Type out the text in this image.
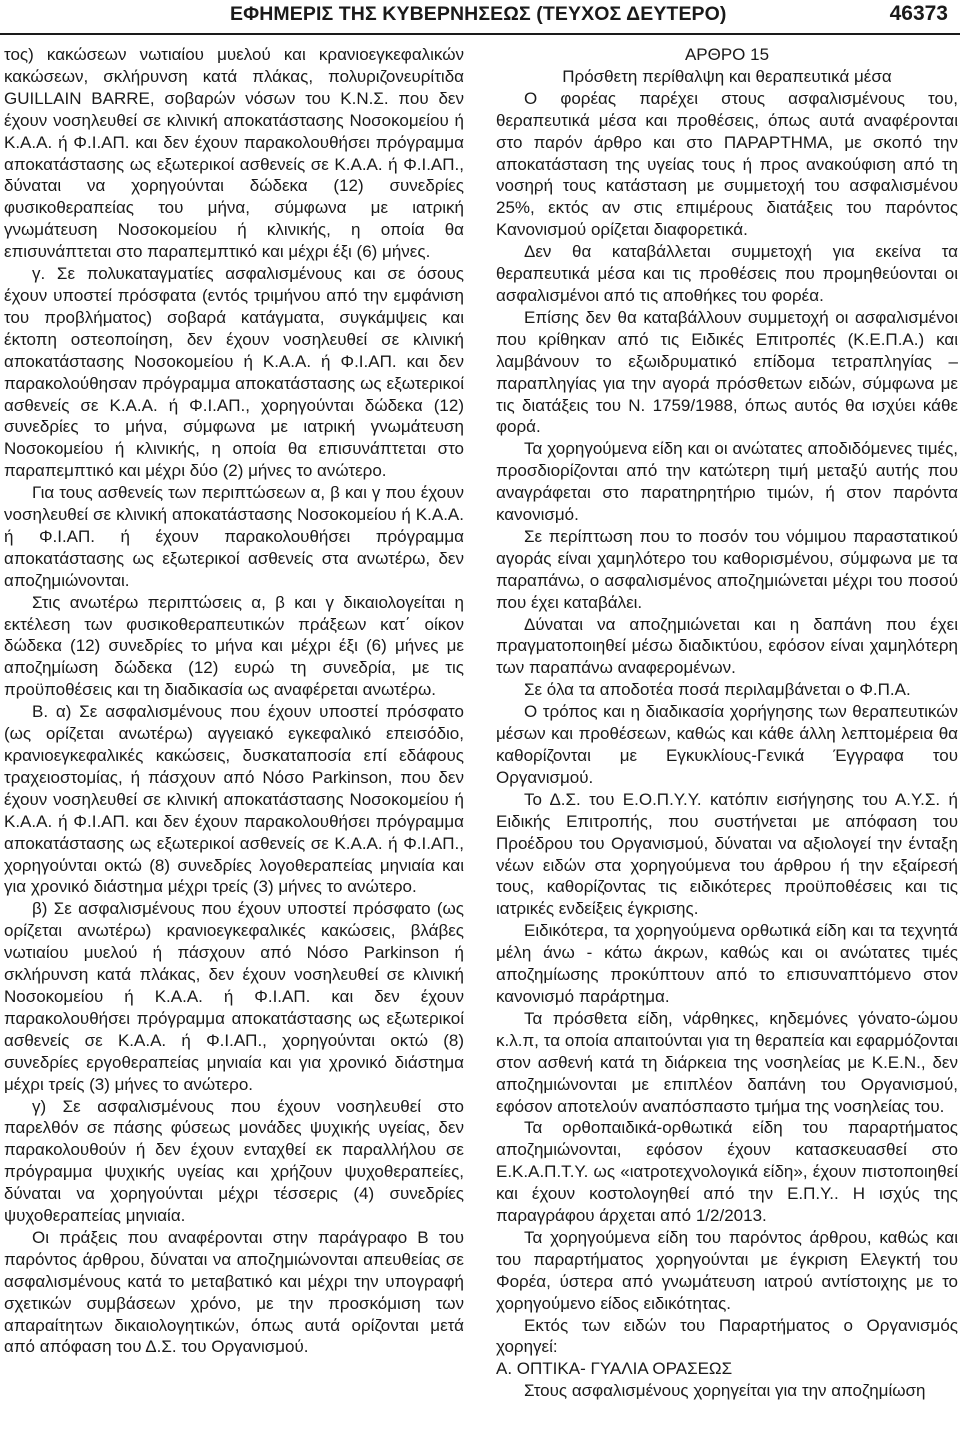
ΕΦΗΜΕΡΙΣ ΤΗΣ ΚΥΒΕΡΝΗΣΕΩΣ (ΤΕΥΧΟΣ ΔΕΥΤΕΡΟ)	46373

τος) κακώσεων νωτιαίου μυελού και κρανιοεγκεφαλικών κακώσεων, σκλήρυνση κατά πλάκας, πολυριζονευρίτιδα GUILLAIN BARRE, σοβαρών νόσων του Κ.Ν.Σ. που δεν έχουν νοσηλευθεί σε κλινική αποκατάστασης Νοσοκομείου ή Κ.Α.Α. ή Φ.Ι.ΑΠ. και δεν έχουν παρακολουθήσει πρόγραμμα αποκατάστασης ως εξωτερικοί ασθενείς σε Κ.Α.Α. ή Φ.Ι.ΑΠ., δύναται να χορηγούνται δώδεκα (12) συνεδρίες φυσικοθεραπείας του μήνα, σύμφωνα με ιατρική γνωμάτευση Νοσοκομείου ή κλινικής, η οποία θα επισυνάπτεται στο παραπεμπτικό και μέχρι έξι (6) μήνες.

γ. Σε πολυκαταγματίες ασφαλισμένους και σε όσους έχουν υποστεί πρόσφατα (εντός τριμήνου από την εμφάνιση του προβλήματος) σοβαρά κατάγματα, συγκάμψεις και έκτοπη οστεοποίηση, δεν έχουν νοσηλευθεί σε κλινική αποκατάστασης Νοσοκομείου ή Κ.Α.Α. ή Φ.Ι.ΑΠ. και δεν παρακολούθησαν πρόγραμμα αποκατάστασης ως εξωτερικοί ασθενείς σε Κ.Α.Α. ή Φ.Ι.ΑΠ., χορηγούνται δώδεκα (12) συνεδρίες το μήνα, σύμφωνα με ιατρική γνωμάτευση Νοσοκομείου ή κλινικής, η οποία θα επισυνάπτεται στο παραπεμπτικό και μέχρι δύο (2) μήνες το ανώτερο.

Για τους ασθενείς των περιπτώσεων α, β και γ που έχουν νοσηλευθεί σε κλινική αποκατάστασης Νοσοκομείου ή Κ.Α.Α. ή Φ.Ι.ΑΠ. ή έχουν παρακολουθήσει πρόγραμμα αποκατάστασης ως εξωτερικοί ασθενείς στα ανωτέρω, δεν αποζημιώνονται.

Στις ανωτέρω περιπτώσεις α, β και γ δικαιολογείται η εκτέλεση των φυσικοθεραπευτικών πράξεων κατ΄ οίκον δώδεκα (12) συνεδρίες το μήνα και μέχρι έξι (6) μήνες με αποζημίωση δώδεκα (12) ευρώ τη συνεδρία, με τις προϋποθέσεις και τη διαδικασία ως αναφέρεται ανωτέρω.

Β. α) Σε ασφαλισμένους που έχουν υποστεί πρόσφατο (ως ορίζεται ανωτέρω) αγγειακό εγκεφαλικό επεισόδιο, κρανιοεγκεφαλικές κακώσεις, δυσκαταποσία επί εδάφους τραχειοστομίας, ή πάσχουν από Νόσο Parkinson, που δεν έχουν νοσηλευθεί σε κλινική αποκατάστασης Νοσοκομείου ή Κ.Α.Α. ή Φ.Ι.ΑΠ. και δεν έχουν παρακολουθήσει πρόγραμμα αποκατάστασης ως εξωτερικοί ασθενείς σε Κ.Α.Α. ή Φ.Ι.ΑΠ., χορηγούνται οκτώ (8) συνεδρίες λογοθεραπείας μηνιαία και για χρονικό διάστημα μέχρι τρείς (3) μήνες το ανώτερο.

β) Σε ασφαλισμένους που έχουν υποστεί πρόσφατο (ως ορίζεται ανωτέρω) κρανιοεγκεφαλικές κακώσεις, βλάβες νωτιαίου μυελού ή πάσχουν από Νόσο Parkinson ή σκλήρυνση κατά πλάκας, δεν έχουν νοσηλευθεί σε κλινική Νοσοκομείου ή Κ.Α.Α. ή Φ.Ι.ΑΠ. και δεν έχουν παρακολουθήσει πρόγραμμα αποκατάστασης ως εξωτερικοί ασθενείς σε Κ.Α.Α. ή Φ.Ι.ΑΠ., χορηγούνται οκτώ (8) συνεδρίες εργοθεραπείας μηνιαία και για χρονικό διάστημα μέχρι τρείς (3) μήνες το ανώτερο.

γ) Σε ασφαλισμένους που έχουν νοσηλευθεί στο παρελθόν σε πάσης φύσεως μονάδες ψυχικής υγείας, δεν παρακολουθούν ή δεν έχουν ενταχθεί εκ παραλλήλου σε πρόγραμμα ψυχικής υγείας και χρήζουν ψυχοθεραπείες, δύναται να χορηγούνται μέχρι τέσσερις (4) συνεδρίες ψυχοθεραπείας μηνιαία.

Οι πράξεις που αναφέρονται στην παράγραφο Β του παρόντος άρθρου, δύναται να αποζημιώνονται απευθείας σε ασφαλισμένους κατά το μεταβατικό και μέχρι την υπογραφή σχετικών συμβάσεων χρόνο, με την προσκόμιση των απαραίτητων δικαιολογητικών, όπως αυτά ορίζονται μετά από απόφαση του Δ.Σ. του Οργανισμού.

ΑΡΘΡΟ 15

Πρόσθετη περίθαλψη και θεραπευτικά μέσα

Ο φορέας παρέχει στους ασφαλισμένους του, θεραπευτικά μέσα και προθέσεις, όπως αυτά αναφέρονται στο παρόν άρθρο και στο ΠΑΡΑΡΤΗΜΑ, με σκοπό την αποκατάσταση της υγείας τους ή προς ανακούφιση από τη νοσηρή τους κατάσταση με συμμετοχή του ασφαλισμένου 25%, εκτός αν στις επιμέρους διατάξεις του παρόντος Κανονισμού ορίζεται διαφορετικά.

Δεν θα καταβάλλεται συμμετοχή για εκείνα τα θεραπευτικά μέσα και τις προθέσεις που προμηθεύονται οι ασφαλισμένοι από τις αποθήκες του φορέα.

Επίσης δεν θα καταβάλλουν συμμετοχή οι ασφαλισμένοι που κρίθηκαν από τις Ειδικές Επιτροπές (Κ.Ε.Π.Α.) και λαμβάνουν το εξωιδρυματικό επίδομα τετραπληγίας – παραπληγίας για την αγορά πρόσθετων ειδών, σύμφωνα με τις διατάξεις του Ν. 1759/1988, όπως αυτός θα ισχύει κάθε φορά.

Τα χορηγούμενα είδη και οι ανώτατες αποδιδόμενες τιμές, προσδιορίζονται από την κατώτερη τιμή μεταξύ αυτής που αναγράφεται στο παρατηρητήριο τιμών, ή στον παρόντα κανονισμό.

Σε περίπτωση που το ποσόν του νόμιμου παραστατικού αγοράς είναι χαμηλότερο του καθορισμένου, σύμφωνα με τα παραπάνω, ο ασφαλισμένος αποζημιώνεται μέχρι του ποσού που έχει καταβάλει.

Δύναται να αποζημιώνεται και η δαπάνη που έχει πραγματοποιηθεί μέσω διαδικτύου, εφόσον είναι χαμηλότερη των παραπάνω αναφερομένων.

Σε όλα τα αποδοτέα ποσά περιλαμβάνεται ο Φ.Π.Α.

Ο τρόπος και η διαδικασία χορήγησης των θεραπευτικών μέσων και προθέσεων, καθώς και κάθε άλλη λεπτομέρεια θα καθορίζονται με Εγκυκλίους-Γενικά Έγγραφα του Οργανισμού.

Το Δ.Σ. του Ε.Ο.Π.Υ.Υ. κατόπιν εισήγησης του Α.Υ.Σ. ή Ειδικής Επιτροπής, που συστήνεται με απόφαση του Προέδρου του Οργανισμού, δύναται να αξιολογεί την ένταξη νέων ειδών στα χορηγούμενα του άρθρου ή την εξαίρεσή τους, καθορίζοντας τις ειδικότερες προϋποθέσεις και τις ιατρικές ενδείξεις έγκρισης.

Ειδικότερα, τα χορηγούμενα ορθωτικά είδη και τα τεχνητά μέλη άνω - κάτω άκρων, καθώς και οι ανώτατες τιμές αποζημίωσης προκύπτουν από το επισυναπτόμενο στον κανονισμό παράρτημα.

Τα πρόσθετα είδη, νάρθηκες, κηδεμόνες γόνατο-ώμου κ.λ.π, τα οποία απαιτούνται για τη θεραπεία και εφαρμόζονται στον ασθενή κατά τη διάρκεια της νοσηλείας με Κ.Ε.Ν., δεν αποζημιώνονται με επιπλέον δαπάνη του Οργανισμού, εφόσον αποτελούν αναπόσπαστο τμήμα της νοσηλείας του.

Τα ορθοπαιδικά-ορθωτικά είδη του παραρτήματος αποζημιώνονται, εφόσον έχουν κατασκευασθεί στο Ε.Κ.Α.Π.Τ.Υ. ως «ιατροτεχνολογικά είδη», έχουν πιστοποιηθεί και έχουν κοστολογηθεί από την Ε.Π.Υ.. Η ισχύς της παραγράφου άρχεται από 1/2/2013.

Τα χορηγούμενα είδη του παρόντος άρθρου, καθώς και του παραρτήματος χορηγούνται με έγκριση Ελεγκτή του Φορέα, ύστερα από γνωμάτευση ιατρού αντίστοιχης με το χορηγούμενο είδος ειδικότητας.

Εκτός των ειδών του Παραρτήματος ο Οργανισμός χορηγεί:

Α. ΟΠΤΙΚΑ- ΓΥΑΛΙΑ ΟΡΑΣΕΩΣ

Στους ασφαλισμένους χορηγείται για την αποζημίωση
